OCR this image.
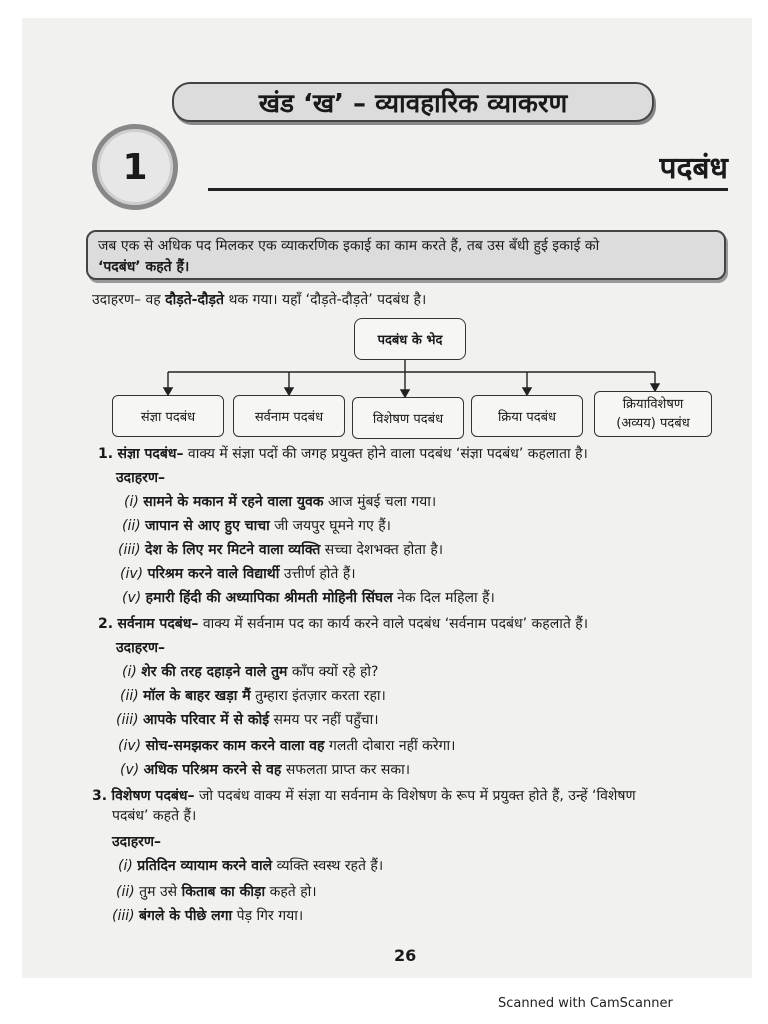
खंड ‘ख’ – व्यावहारिक व्याकरण
1	पदबंध
जब एक से अधिक पद मिलकर एक व्याकरणिक इकाई का काम करते हैं, तब उस बँधी हुई इकाई को
‘पदबंध’ कहते हैं।
उदाहरण– वह दौड़ते-दौड़ते थक गया। यहाँ ‘दौड़ते-दौड़ते’ पदबंध है।
पदबंध के भेद
संज्ञा पदबंध	सर्वनाम पदबंध	विशेषण पदबंध	क्रिया पदबंध
क्रियाविशेषण
(अव्यय) पदबंध
1. संज्ञा पदबंध– वाक्य में संज्ञा पदों की जगह प्रयुक्त होने वाला पदबंध ‘संज्ञा पदबंध’ कहलाता है।
उदाहरण–
(i) सामने के मकान में रहने वाला युवक आज मुंबई चला गया।
(ii) जापान से आए हुए चाचा जी जयपुर घूमने गए हैं।
(iii) देश के लिए मर मिटने वाला व्यक्ति सच्चा देशभक्त होता है।
(iv) परिश्रम करने वाले विद्यार्थी उत्तीर्ण होते हैं।
(v) हमारी हिंदी की अध्यापिका श्रीमती मोहिनी सिंघल नेक दिल महिला हैं।
2. सर्वनाम पदबंध– वाक्य में सर्वनाम पद का कार्य करने वाले पदबंध ‘सर्वनाम पदबंध’ कहलाते हैं।
उदाहरण–
(i) शेर की तरह दहाड़ने वाले तुम काँप क्यों रहे हो?
(ii) मॉल के बाहर खड़ा मैं तुम्हारा इंतज़ार करता रहा।
(iii) आपके परिवार में से कोई समय पर नहीं पहुँचा।
(iv) सोच-समझकर काम करने वाला वह गलती दोबारा नहीं करेगा।
(v) अधिक परिश्रम करने से वह सफलता प्राप्त कर सका।
3. विशेषण पदबंध– जो पदबंध वाक्य में संज्ञा या सर्वनाम के विशेषण के रूप में प्रयुक्त होते हैं, उन्हें ‘विशेषण
पदबंध’ कहते हैं।
उदाहरण–
(i) प्रतिदिन व्यायाम करने वाले व्यक्ति स्वस्थ रहते हैं।
(ii) तुम उसे किताब का कीड़ा कहते हो।
(iii) बंगले के पीछे लगा पेड़ गिर गया।
26
Scanned with CamScanner
